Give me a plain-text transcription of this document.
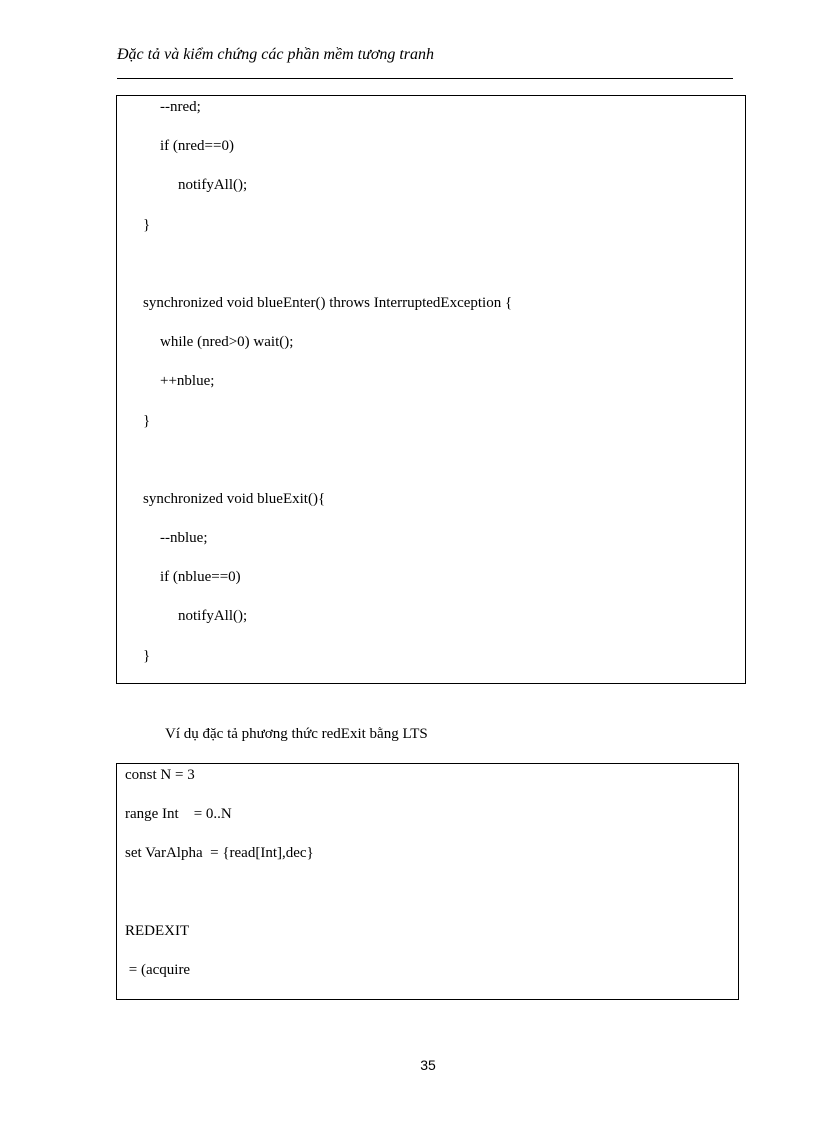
Đặc tả và kiểm chứng các phần mềm tương tranh
--nred;
if (nred==0)
notifyAll();
}
synchronized void blueEnter() throws InterruptedException {
while (nred>0) wait();
++nblue;
}
synchronized void blueExit(){
--nblue;
if (nblue==0)
notifyAll();
}
Ví dụ đặc tả phương thức redExit bằng LTS
const N = 3
range Int    = 0..N
set VarAlpha  = {read[Int],dec}
REDEXIT
= (acquire
35
